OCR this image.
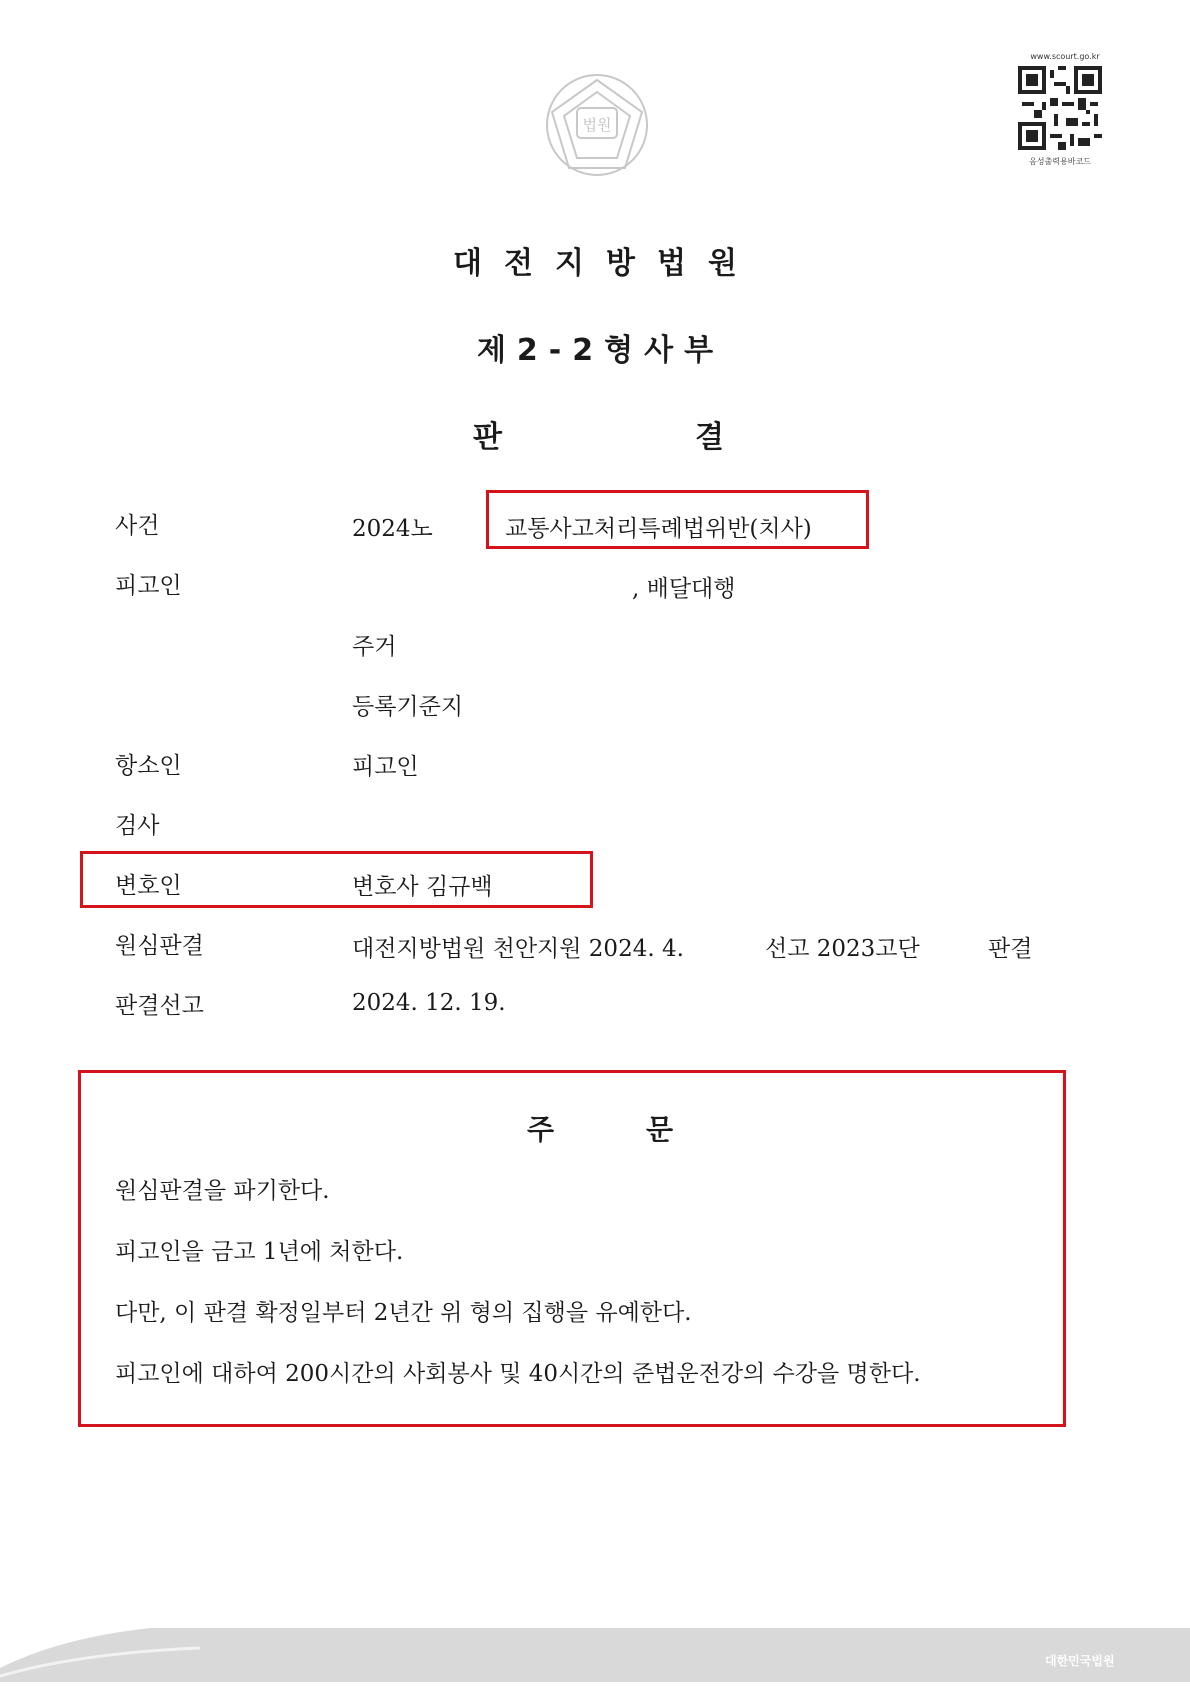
법원
www.scourt.go.kr
음성출력용바코드
대전지방법원
제2-2형사부
판	결
사건	2024노	교통사고처리특례법위반(치사)
피고인	, 배달대행
주거
등록기준지
항소인	피고인
검사
변호인	변호사 김규백
원심판결	대전지방법원 천안지원 2024. 4.	선고 2023고단	판결
판결선고	2024. 12. 19.
주	문
원심판결을 파기한다.
피고인을 금고 1년에 처한다.
다만, 이 판결 확정일부터 2년간 위 형의 집행을 유예한다.
피고인에 대하여 200시간의 사회봉사 및 40시간의 준법운전강의 수강을 명한다.
대한민국법원
